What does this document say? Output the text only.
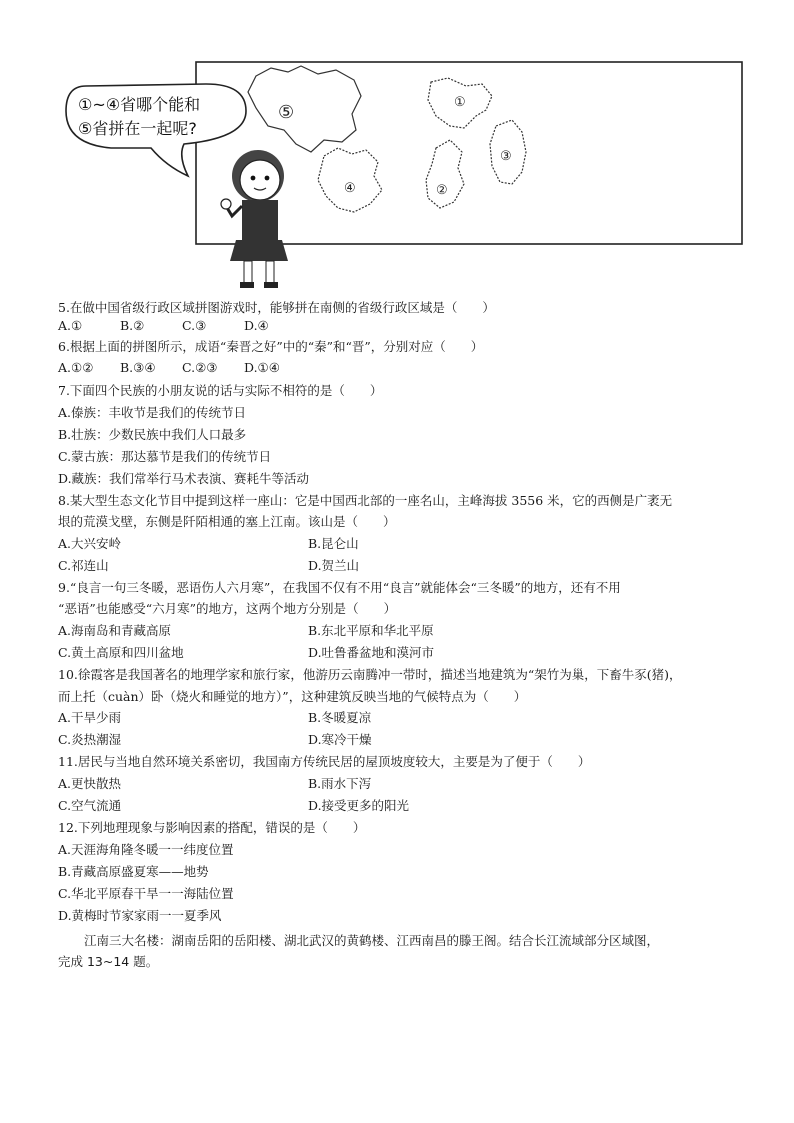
①~④省哪个能和
⑤省拼在一起呢?
⑤	①
③
④	②
5.在做中国省级行政区域拼图游戏时，能够拼在南侧的省级行政区域是（　　）
A.①	B.②	C.③	D.④
6.根据上面的拼图所示，成语“秦晋之好”中的“秦”和“晋”，分别对应（　　）
A.①② B.③④ C.②③ D.①④
7.下面四个民族的小朋友说的话与实际不相符的是（　　）
A.傣族：丰收节是我们的传统节日
B.壮族：少数民族中我们人口最多
C.蒙古族：那达慕节是我们的传统节日
D.藏族：我们常举行马术表演、赛耗牛等活动
8.某大型生态文化节目中提到这样一座山：它是中国西北部的一座名山，主峰海拔 3556 米，它的西侧是广袤无
垠的荒漠戈壁，东侧是阡陌相通的塞上江南。该山是（　　）
A.大兴安岭	B.昆仑山
C.祁连山	D.贺兰山
9.“良言一句三冬暖，恶语伤人六月寒”，在我国不仅有不用“良言”就能体会“三冬暖”的地方，还有不用
“恶语”也能感受“六月寒”的地方，这两个地方分别是（　　）
A.海南岛和青藏高原	B.东北平原和华北平原
C.黄土高原和四川盆地	D.吐鲁番盆地和漠河市
10.徐霞客是我国著名的地理学家和旅行家，他游历云南腾冲一带时，描述当地建筑为“架竹为巢，下畜牛豕(猪)，
而上托（cuàn）卧（烧火和睡觉的地方）”，这种建筑反映当地的气候特点为（　　）
A.干旱少雨	B.冬暖夏凉
C.炎热潮湿	D.寒冷干燥
11.居民与当地自然环境关系密切，我国南方传统民居的屋顶坡度较大，主要是为了便于（　　）
A.更快散热	B.雨水下泻
C.空气流通	D.接受更多的阳光
12.下列地理现象与影响因素的搭配，错误的是（　　）
A.天涯海角隆冬暖一一纬度位置
B.青藏高原盛夏寒——地势
C.华北平原春干旱一一海陆位置
D.黄梅时节家家雨一一夏季风
江南三大名楼：湖南岳阳的岳阳楼、湖北武汉的黄鹤楼、江西南昌的滕王阁。结合长江流域部分区域图，
完成 13~14 题。
